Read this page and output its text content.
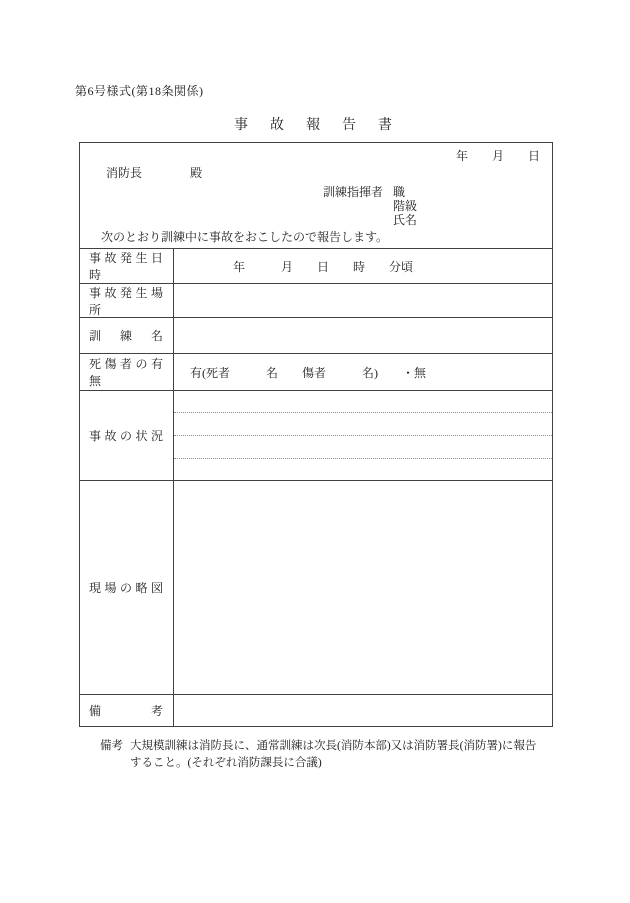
第6号様式(第18条関係)
事故報告書
年　　月　　日
消防長　　　　殿
訓練指揮者 職
階級
氏名
次のとおり訓練中に事故をおこしたので報告します。
事故発生日時
年　　　月　　日　　時　　分頃
事故発生場所
訓練名
死傷者の有無
有(死者　　　名　　傷者　　　名)　　・無
事故の状況
現場の略図
備考
備考 大規模訓練は消防長に、通常訓練は次長(消防本部)又は消防署長(消防署)に報告
すること。(それぞれ消防課長に合議)
